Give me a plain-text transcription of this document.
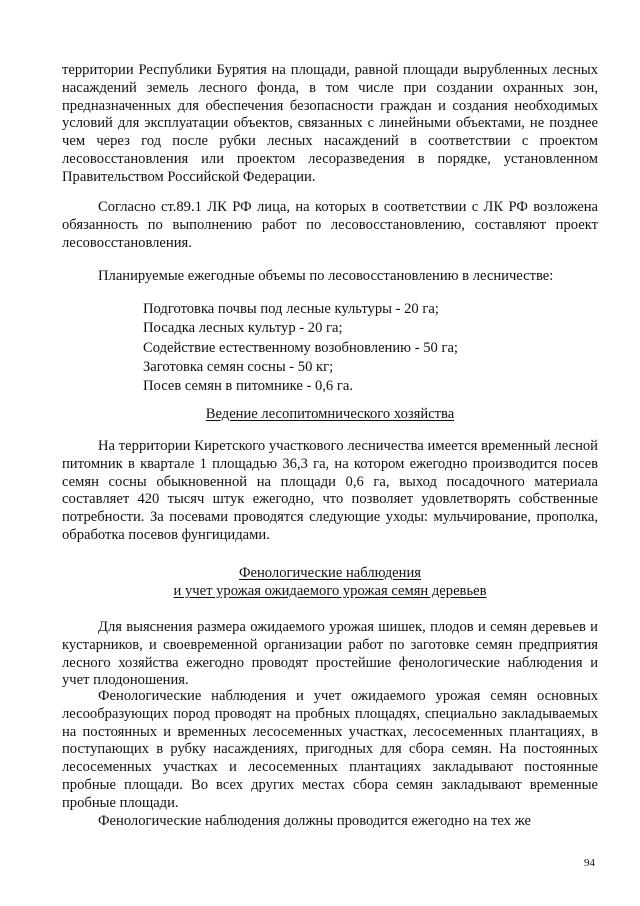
территории Республики Бурятия на площади, равной площади вырубленных лесных насаждений земель лесного фонда, в том числе при создании охранных зон, предназначенных для обеспечения безопасности граждан и создания необходимых условий для эксплуатации объектов, связанных с линейными объектами, не позднее чем через год после рубки лесных насаждений в соответствии с проектом лесовосстановления или проектом лесоразведения в порядке, установленном Правительством Российской Федерации.

Согласно ст.89.1 ЛК РФ лица, на которых в соответствии с ЛК РФ возложена обязанность по выполнению работ по лесовосстановлению, составляют проект лесовосстановления.

Планируемые ежегодные объемы по лесовосстановлению в лесничестве:

Подготовка почвы под лесные культуры - 20 га;
Посадка лесных культур - 20 га;
Содействие естественному возобновлению - 50 га;
Заготовка семян сосны - 50 кг;
Посев семян в питомнике - 0,6 га.
Ведение лесопитомнического хозяйства

На территории Киретского участкового лесничества имеется временный лесной питомник в квартале 1 площадью 36,3 га, на котором ежегодно производится посев семян сосны обыкновенной на площади 0,6 га, выход посадочного материала составляет 420 тысяч штук ежегодно, что позволяет удовлетворять собственные потребности. За посевами проводятся следующие уходы: мульчирование, прополка, обработка посевов фунгицидами.

Фенологические наблюдения
и учет урожая ожидаемого урожая семян деревьев

Для выяснения размера ожидаемого урожая шишек, плодов и семян деревьев и кустарников, и своевременной организации работ по заготовке семян предприятия лесного хозяйства ежегодно проводят простейшие фенологические наблюдения и учет плодоношения.

Фенологические наблюдения и учет ожидаемого урожая семян основных лесообразующих пород проводят на пробных площадях, специально закладываемых на постоянных и временных лесосеменных участках, лесосеменных плантациях, в поступающих в рубку насаждениях, пригодных для сбора семян. На постоянных лесосеменных участках и лесосеменных плантациях закладывают постоянные пробные площади. Во всех других местах сбора семян закладывают временные пробные площади.

Фенологические наблюдения должны проводится ежегодно на тех же

94
